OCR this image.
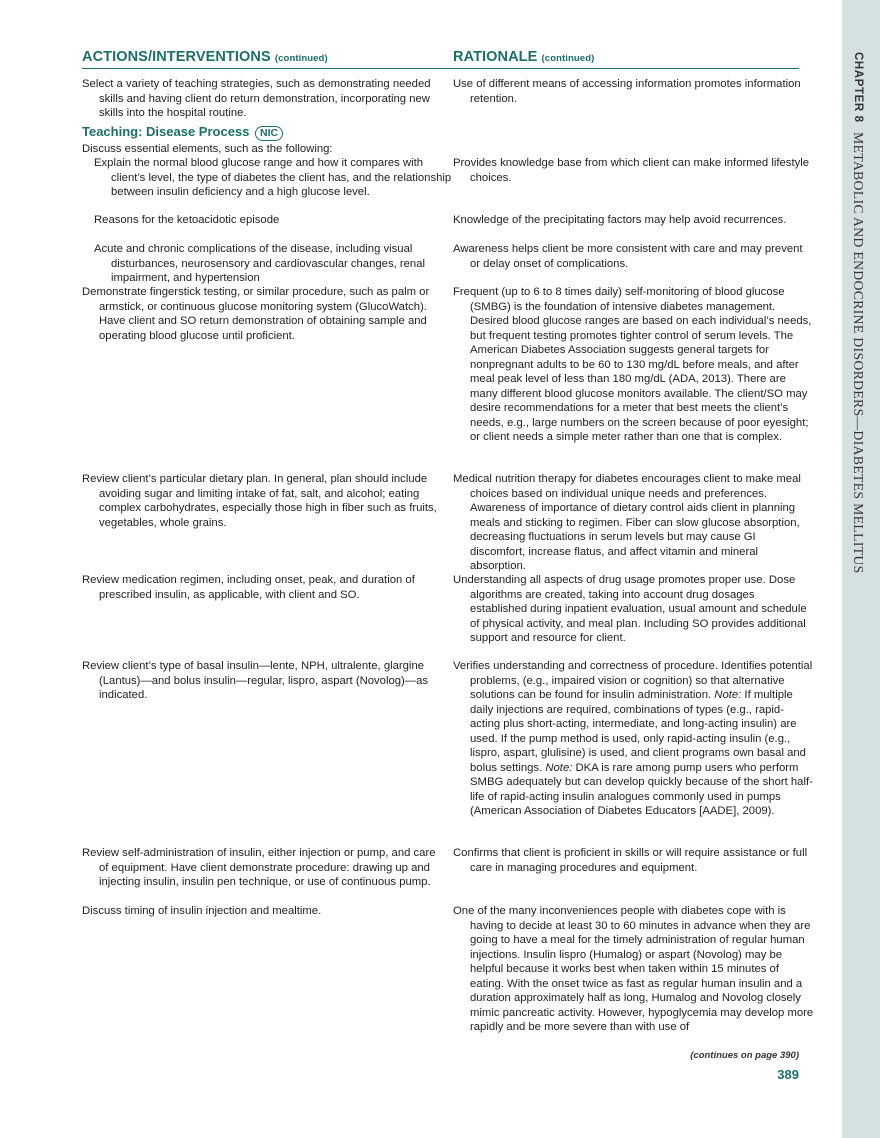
CHAPTER 8 METABOLIC AND ENDOCRINE DISORDERS—DIABETES MELLITUS
ACTIONS/INTERVENTIONS (continued)	RATIONALE (continued)
Select a variety of teaching strategies, such as demonstrating needed skills and having client do return demonstration, incorporating new skills into the hospital routine.
Teaching: Disease Process NIC
Discuss essential elements, such as the following:
Explain the normal blood glucose range and how it compares with client’s level, the type of diabetes the client has, and the relationship between insulin deficiency and a high glucose level.
Reasons for the ketoacidotic episode
Acute and chronic complications of the disease, including visual disturbances, neurosensory and cardiovascular changes, renal impairment, and hypertension
Demonstrate fingerstick testing, or similar procedure, such as palm or armstick, or continuous glucose monitoring system (GlucoWatch). Have client and SO return demonstration of obtaining sample and operating blood glucose until proficient.
Review client’s particular dietary plan. In general, plan should include avoiding sugar and limiting intake of fat, salt, and alcohol; eating complex carbohydrates, especially those high in fiber such as fruits, vegetables, whole grains.
Review medication regimen, including onset, peak, and duration of prescribed insulin, as applicable, with client and SO.
Review client’s type of basal insulin—lente, NPH, ultralente, glargine (Lantus)—and bolus insulin—regular, lispro, aspart (Novolog)—as indicated.
Review self-administration of insulin, either injection or pump, and care of equipment. Have client demonstrate procedure: drawing up and injecting insulin, insulin pen technique, or use of continuous pump.
Discuss timing of insulin injection and mealtime.
Use of different means of accessing information promotes information retention.
Provides knowledge base from which client can make informed lifestyle choices.
Knowledge of the precipitating factors may help avoid recurrences.
Awareness helps client be more consistent with care and may prevent or delay onset of complications.
Frequent (up to 6 to 8 times daily) self-monitoring of blood glucose (SMBG) is the foundation of intensive diabetes management. Desired blood glucose ranges are based on each individual’s needs, but frequent testing promotes tighter control of serum levels. The American Diabetes Association suggests general targets for nonpregnant adults to be 60 to 130 mg/dL before meals, and after meal peak level of less than 180 mg/dL (ADA, 2013). There are many different blood glucose monitors available. The client/SO may desire recommendations for a meter that best meets the client’s needs, e.g., large numbers on the screen because of poor eyesight; or client needs a simple meter rather than one that is complex.
Medical nutrition therapy for diabetes encourages client to make meal choices based on individual unique needs and preferences. Awareness of importance of dietary control aids client in planning meals and sticking to regimen. Fiber can slow glucose absorption, decreasing fluctuations in serum levels but may cause GI discomfort, increase flatus, and affect vitamin and mineral absorption.
Understanding all aspects of drug usage promotes proper use. Dose algorithms are created, taking into account drug dosages established during inpatient evaluation, usual amount and schedule of physical activity, and meal plan. Including SO provides additional support and resource for client.
Verifies understanding and correctness of procedure. Identifies potential problems, (e.g., impaired vision or cognition) so that alternative solutions can be found for insulin administration. Note: If multiple daily injections are required, combinations of types (e.g., rapid-acting plus short-acting, intermediate, and long-acting insulin) are used. If the pump method is used, only rapid-acting insulin (e.g., lispro, aspart, glulisine) is used, and client programs own basal and bolus settings. Note: DKA is rare among pump users who perform SMBG adequately but can develop quickly because of the short half-life of rapid-acting insulin analogues commonly used in pumps (American Association of Diabetes Educators [AADE], 2009).
Confirms that client is proficient in skills or will require assistance or full care in managing procedures and equipment.
One of the many inconveniences people with diabetes cope with is having to decide at least 30 to 60 minutes in advance when they are going to have a meal for the timely administration of regular human injections. Insulin lispro (Humalog) or aspart (Novolog) may be helpful because it works best when taken within 15 minutes of eating. With the onset twice as fast as regular human insulin and a duration approximately half as long, Humalog and Novolog closely mimic pancreatic activity. However, hypoglycemia may develop more rapidly and be more severe than with use of
(continues on page 390)
389
